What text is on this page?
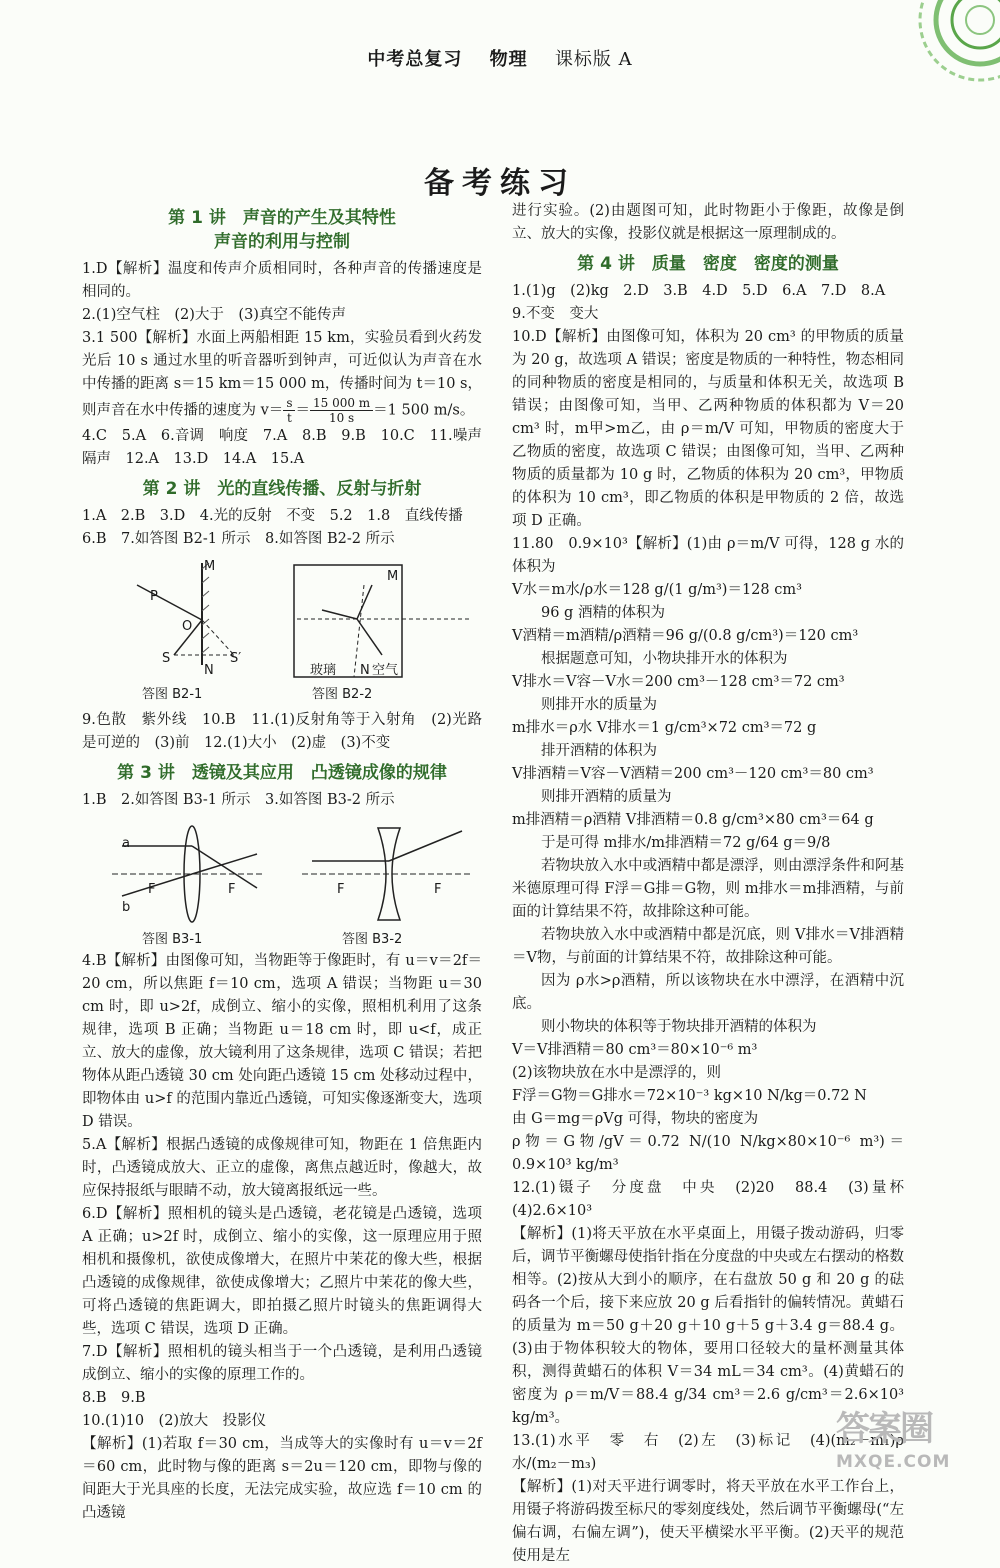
中考总复习 物理 课标版 A
备考练习
第 1 讲　声音的产生及其特性
声音的利用与控制

1.D【解析】温度和传声介质相同时，各种声音的传播速度是相同的。

2.(1)空气柱　(2)大于　(3)真空不能传声

3.1 500【解析】水面上两船相距 15 km，实验员看到火药发光后 10 s 通过水里的听音器听到钟声，可近似认为声音在水中传播的距离 s＝15 km＝15 000 m，传播时间为 t＝10 s，则声音在水中传播的速度为 $v= \frac{s}{t} = \frac{15 000 m}{10 s} =1$ 500 m/s。

4.C　5.A　6.音调　响度　7.A　8.B　9.B　10.C　11.噪声　隔声　12.A　13.D　14.A　15.A

第 2 讲　光的直线传播、反射与折射

1.A　2.B　3.D　4.光的反射　不变　5.2　1.8　直线传播

6.B　7.如答图 B2-1 所示　8.如答图 B2-2 所示

M
P
O
S	S′
N
答图 B2-1
M
N
玻璃	空气
答图 B2-2

9.色散　紫外线　10.B　11.(1)反射角等于入射角　(2)光路是可逆的　(3)前　12.(1)大小　(2)虚　(3)不变

第 3 讲　透镜及其应用　凸透镜成像的规律

1.B　2.如答图 B3-1 所示　3.如答图 B3-2 所示

a
b
F	F	F	F
答图 B3-1	答图 B3-2

4.B【解析】由图像可知，当物距等于像距时，有 u＝v＝2f＝20 cm，所以焦距 f＝10 cm，选项 A 错误；当物距 u＝30 cm 时，即 u>2f，成倒立、缩小的实像，照相机利用了这条规律，选项 B 正确；当物距 u＝18 cm 时，即 u<f，成正立、放大的虚像，放大镜利用了这条规律，选项 C 错误；若把物体从距凸透镜 30 cm 处向距凸透镜 15 cm 处移动过程中，即物体由 u>f 的范围内靠近凸透镜，可知实像逐渐变大，选项 D 错误。

5.A【解析】根据凸透镜的成像规律可知，物距在 1 倍焦距内时，凸透镜成放大、正立的虚像，离焦点越近时，像越大，故应保持报纸与眼睛不动，放大镜离报纸远一些。

6.D【解析】照相机的镜头是凸透镜，老花镜是凸透镜，选项 A 正确；u>2f 时，成倒立、缩小的实像，这一原理应用于照相机和摄像机，欲使成像增大，在照片中茉花的像大些，根据凸透镜的成像规律，欲使成像增大；乙照片中茉花的像大些，可将凸透镜的焦距调大，即拍摄乙照片时镜头的焦距调得大些，选项 C 错误，选项 D 正确。

7.D【解析】照相机的镜头相当于一个凸透镜，是利用凸透镜成倒立、缩小的实像的原理工作的。

8.B　9.B

10.(1)10　(2)放大　投影仪

【解析】(1)若取 f＝30 cm，当成等大的实像时有 u＝v＝2f＝60 cm，此时物与像的距离 s＝2u＝120 cm，即物与像的间距大于光具座的长度，无法完成实验，故应选 f＝10 cm 的凸透镜

进行实验。(2)由题图可知，此时物距小于像距，故像是倒立、放大的实像，投影仪就是根据这一原理制成的。

第 4 讲　质量　密度　密度的测量

1.(1)g　(2)kg　2.D　3.B　4.D　5.D　6.A　7.D　8.A

9.不变　变大

10.D【解析】由图像可知，体积为 20 cm³ 的甲物质的质量为 20 g，故选项 A 错误；密度是物质的一种特性，物态相同的同种物质的密度是相同的，与质量和体积无关，故选项 B 错误；由图像可知，当甲、乙两种物质的体积都为 V＝20 cm³ 时，m甲>m乙，由 ρ＝m/V 可知，甲物质的密度大于乙物质的密度，故选项 C 错误；由图像可知，当甲、乙两种物质的质量都为 10 g 时，乙物质的体积为 20 cm³，甲物质的体积为 10 cm³，即乙物质的体积是甲物质的 2 倍，故选项 D 正确。

11.80　0.9×10³【解析】(1)由 ρ＝m/V 可得，128 g 水的体积为

V水＝m水/ρ水＝128 g/(1 g/m³)＝128 cm³

96 g 酒精的体积为

V酒精＝m酒精/ρ酒精＝96 g/(0.8 g/cm³)＝120 cm³

根据题意可知，小物块排开水的体积为

V排水＝V容－V水＝200 cm³－128 cm³＝72 cm³

则排开水的质量为

m排水＝ρ水 V排水＝1 g/cm³×72 cm³＝72 g

排开酒精的体积为

V排酒精＝V容－V酒精＝200 cm³－120 cm³＝80 cm³

则排开酒精的质量为

m排酒精＝ρ酒精 V排酒精＝0.8 g/cm³×80 cm³＝64 g

于是可得 m排水/m排酒精＝72 g/64 g＝9/8

若物块放入水中或酒精中都是漂浮，则由漂浮条件和阿基米德原理可得 F浮＝G排＝G物，则 m排水＝m排酒精，与前面的计算结果不符，故排除这种可能。

若物块放入水中或酒精中都是沉底，则 V排水＝V排酒精＝V物，与前面的计算结果不符，故排除这种可能。

因为 ρ水>ρ酒精，所以该物块在水中漂浮，在酒精中沉底。

则小物块的体积等于物块排开酒精的体积为

V＝V排酒精＝80 cm³＝80×10⁻⁶ m³

(2)该物块放在水中是漂浮的，则

F浮＝G物＝G排水＝72×10⁻³ kg×10 N/kg＝0.72 N

由 G＝mg＝ρVg 可得，物块的密度为

ρ物＝G物/gV＝0.72 N/(10 N/kg×80×10⁻⁶ m³)＝0.9×10³ kg/m³

12.(1)镊子　分度盘　中央　(2)20　88.4　(3)量杯　(4)2.6×10³

【解析】(1)将天平放在水平桌面上，用镊子拨动游码，归零后，调节平衡螺母使指针指在分度盘的中央或左右摆动的格数相等。(2)按从大到小的顺序，在右盘放 50 g 和 20 g 的砝码各一个后，接下来应放 20 g 后看指针的偏转情况。黄蜡石的质量为 m＝50 g＋20 g＋10 g＋5 g＋3.4 g＝88.4 g。(3)由于物体积较大的物体，要用口径较大的量杯测量其体积，测得黄蜡石的体积 V＝34 mL＝34 cm³。(4)黄蜡石的密度为 ρ＝m/V＝88.4 g/34 cm³＝2.6 g/cm³＝2.6×10³ kg/m³。

13.(1)水平　零　右　(2)左　(3)标记　(4)(m₂－m₁)ρ水/(m₂－m₃)

【解析】(1)对天平进行调零时，将天平放在水平工作台上，用镊子将游码拨至标尺的零刻度线处，然后调节平衡螺母(“左偏右调，右偏左调”)，使天平横梁水平平衡。(2)天平的规范使用是左

答案圈
MXQE.COM
